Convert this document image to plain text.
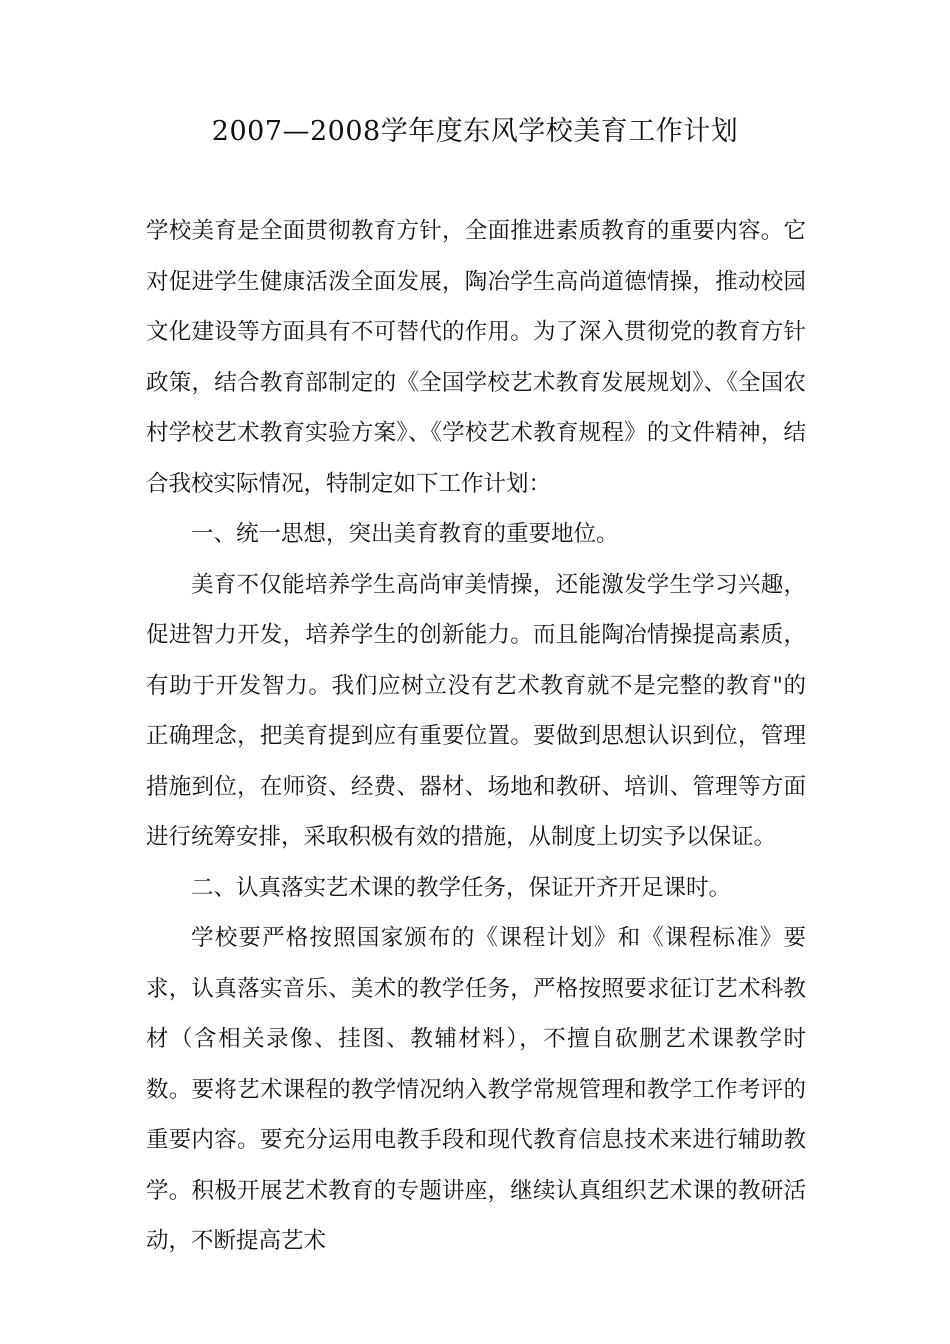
2007—2008学年度东风学校美育工作计划

学校美育是全面贯彻教育方针，全面推进素质教育的重要内容。它对促进学生健康活泼全面发展，陶冶学生高尚道德情操，推动校园文化建设等方面具有不可替代的作用。为了深入贯彻党的教育方针政策，结合教育部制定的《全国学校艺术教育发展规划》、《全国农村学校艺术教育实验方案》、《学校艺术教育规程》的文件精神，结合我校实际情况，特制定如下工作计划：

一、统一思想，突出美育教育的重要地位。

美育不仅能培养学生高尚审美情操，还能激发学生学习兴趣，促进智力开发，培养学生的创新能力。而且能陶冶情操提高素质，有助于开发智力。我们应树立没有艺术教育就不是完整的教育"的正确理念，把美育提到应有重要位置。要做到思想认识到位，管理措施到位，在师资、经费、器材、场地和教研、培训、管理等方面进行统筹安排，采取积极有效的措施，从制度上切实予以保证。

二、认真落实艺术课的教学任务，保证开齐开足课时。

学校要严格按照国家颁布的《课程计划》和《课程标准》要求，认真落实音乐、美术的教学任务，严格按照要求征订艺术科教材（含相关录像、挂图、教辅材料），不擅自砍删艺术课教学时数。要将艺术课程的教学情况纳入教学常规管理和教学工作考评的重要内容。要充分运用电教手段和现代教育信息技术来进行辅助教学。积极开展艺术教育的专题讲座，继续认真组织艺术课的教研活动，不断提高艺术
